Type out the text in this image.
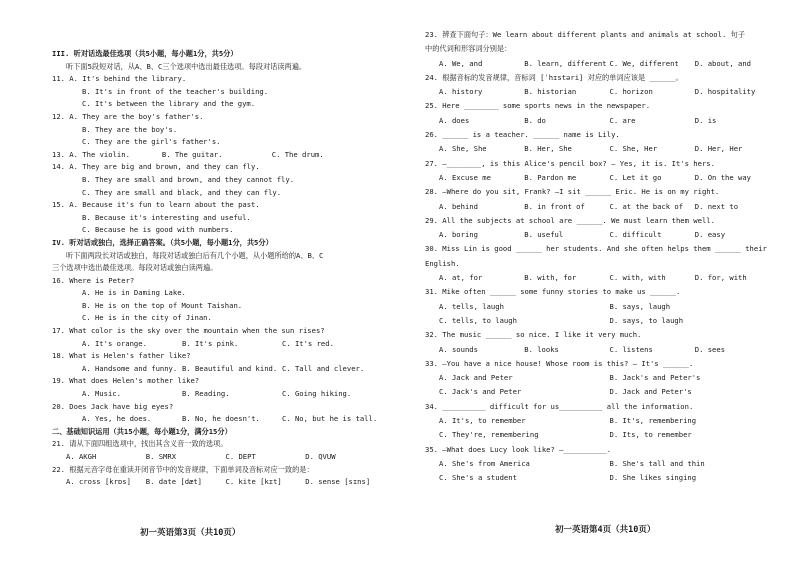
III. 听对话选最佳选项（共5小题，每小题1分，共5分）
听下面5段短对话，从A、B、C三个选项中选出最佳选项。每段对话读两遍。
11. A. It's behind the library.
B. It's in front of the teacher's building.
C. It's between the library and the gym.
12. A. They are the boy's father's.
B. They are the boy's.
C. They are the girl's father's.
13. A. The violin.	B. The guitar.	C. The drum.
14. A. They are big and brown, and they can fly.
B. They are small and brown, and they cannot fly.
C. They are small and black, and they can fly.
15. A. Because it's fun to learn about the past.
B. Because it's interesting and useful.
C. Because he is good with numbers.
IV. 听对话或独白，选择正确答案。（共5小题，每小题1分，共5分）
听下面两段长对话或独白，每段对话或独白后有几个小题，从小题所给的A、B、C
三个选项中选出最佳选项。每段对话或独白读两遍。
16. Where is Peter?
A. He is in Daming Lake.
B. He is on the top of Mount Taishan.
C. He is in the city of Jinan.
17. What color is the sky over the mountain when the sun rises?
A. It's orange.	B. It's pink.	C. It's red.
18. What is Helen's father like?
A. Handsome and funny. B. Beautiful and kind. C. Tall and clever.
19. What does Helen's mother like?
A. Music.	B. Reading.	C. Going hiking.
20. Does Jack have big eyes?
A. Yes, he does.	B. No, he doesn't.	C. No, but he is tall.
二、基础知识运用（共15小题，每小题1分，满分15分）
21. 请从下面四组选项中，找出其含义音一致的选项。
A. AKGH	B. SMRX	C. DEPT	D. QVUW
22. 根据元音字母在重读开闭音节中的发音规律，下面单词及音标对应一致的是：
A. cross [krɒs]	B. date [dæt]	C. kite [kɪt]	D. sense [sɪns]
初一英语第3页（共10页）
23. 辨查下面句子：We learn about different plants and animals at school. 句子
中的代词和形容词分别是：
A. We, and	B. learn, different C. We, different	D. about, and
24. 根据音标的发音规律，音标词 [ˈhɪstəri] 对应的单词应该是 ______。
A. history	B. historian	C. horizon	D. hospitality
25. Here ________ some sports news in the newspaper.
A. does	B. do	C. are	D. is
26. ______ is a teacher. ______ name is Lily.
A. She, She	B. Her, She	C. She, Her	D. Her, Her
27. —________, is this Alice's pencil box? — Yes, it is. It's hers.
A. Excuse me	B. Pardon me	C. Let it go	D. On the way
28. —Where do you sit, Frank? —I sit ______ Eric. He is on my right.
A. behind	B. in front of	C. at the back of	D. next to
29. All the subjects at school are ______. We must learn them well.
A. boring	B. useful	C. difficult	D. easy
30. Miss Lin is good ______ her students. And she often helps them ______ their
English.
A. at, for	B. with, for	C. with, with	D. for, with
31. Mike often ______ some funny stories to make us ______.
A. tells, laugh	B. says, laugh
C. tells, to laugh	D. says, to laugh
32. The music ______ so nice. I like it very much.
A. sounds	B. looks	C. listens	D. sees
33. —You have a nice house! Whose room is this? — It's ______.
A. Jack and Peter	B. Jack's and Peter's
C. Jack's and Peter	D. Jack and Peter's
34. __________ difficult for us__________ all the information.
A. It's, to remember	B. It's, remembering
C. They're, remembering	D. Its, to remember
35. —What does Lucy look like? —__________.
A. She's from America	B. She's tall and thin
C. She's a student	D. She likes singing
初一英语第4页（共10页）
